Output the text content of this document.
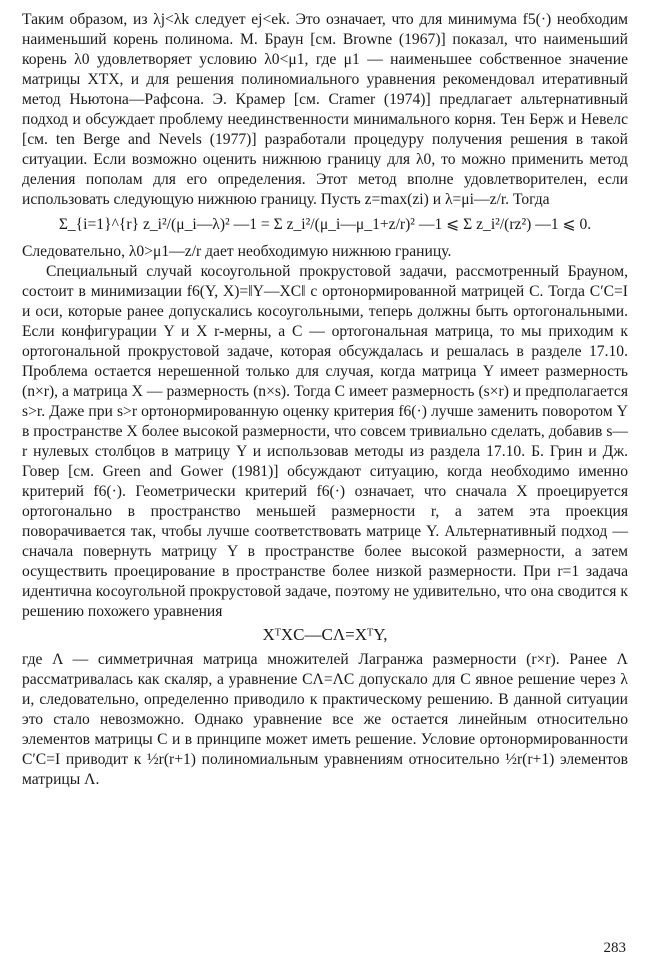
Таким образом, из λj<λk следует ej<ek. Это означает, что для минимума f5(·) необходим наименьший корень полинома. М. Браун [см. Browne (1967)] показал, что наименьший корень λ0 удовлетворяет условию λ0<μ1, где μ1 — наименьшее собственное значение матрицы XTX, и для решения полиномиального уравнения рекомендовал итеративный метод Ньютона—Рафсона. Э. Крамер [см. Cramer (1974)] предлагает альтернативный подход и обсуждает проблему неединственности минимального корня. Тен Берж и Невелс [см. ten Berge and Nevels (1977)] разработали процедуру получения решения в такой ситуации. Если возможно оценить нижнюю границу для λ0, то можно применить метод деления пополам для его определения. Этот метод вполне удовлетворителен, если использовать следующую нижнюю границу. Пусть z=max(zi) и λ=μi—z/r. Тогда

Σ_{i=1}^{r} z_i²/(μ_i—λ)² —1 = Σ z_i²/(μ_i—μ_1+z/r)² —1 ⩽ Σ z_i²/(rz²) —1 ⩽ 0.

Следовательно, λ0>μ1—z/r дает необходимую нижнюю границу.

Специальный случай косоугольной прокрустовой задачи, рассмотренный Брауном, состоит в минимизации f6(Y, X)=‖Y—XC‖ с ортонормированной матрицей C. Тогда C′C=I и оси, которые ранее допускались косоугольными, теперь должны быть ортогональными. Если конфигурации Y и X r-мерны, а C — ортогональная матрица, то мы приходим к ортогональной прокрустовой задаче, которая обсуждалась и решалась в разделе 17.10. Проблема остается нерешенной только для случая, когда матрица Y имеет размерность (n×r), а матрица X — размерность (n×s). Тогда C имеет размерность (s×r) и предполагается s>r. Даже при s>r ортонормированную оценку критерия f6(·) лучше заменить поворотом Y в пространстве X более высокой размерности, что совсем тривиально сделать, добавив s—r нулевых столбцов в матрицу Y и использовав методы из раздела 17.10. Б. Грин и Дж. Говер [см. Green and Gower (1981)] обсуждают ситуацию, когда необходимо именно критерий f6(·). Геометрически критерий f6(·) означает, что сначала X проецируется ортогонально в пространство меньшей размерности r, а затем эта проекция поворачивается так, чтобы лучше соответствовать матрице Y. Альтернативный подход — сначала повернуть матрицу Y в пространстве более высокой размерности, а затем осуществить проецирование в пространстве более низкой размерности. При r=1 задача идентична косоугольной прокрустовой задаче, поэтому не удивительно, что она сводится к решению похожего уравнения

XᵀXC—CΛ=XᵀY,

где Λ — симметричная матрица множителей Лагранжа размерности (r×r). Ранее Λ рассматривалась как скаляр, а уравнение CΛ=ΛC допускало для C явное решение через λ и, следовательно, определенно приводило к практическому решению. В данной ситуации это стало невозможно. Однако уравнение все же остается линейным относительно элементов матрицы C и в принципе может иметь решение. Условие ортонормированности C′C=I приводит к ½r(r+1) полиномиальным уравнениям относительно ½r(r+1) элементов матрицы Λ.

283
